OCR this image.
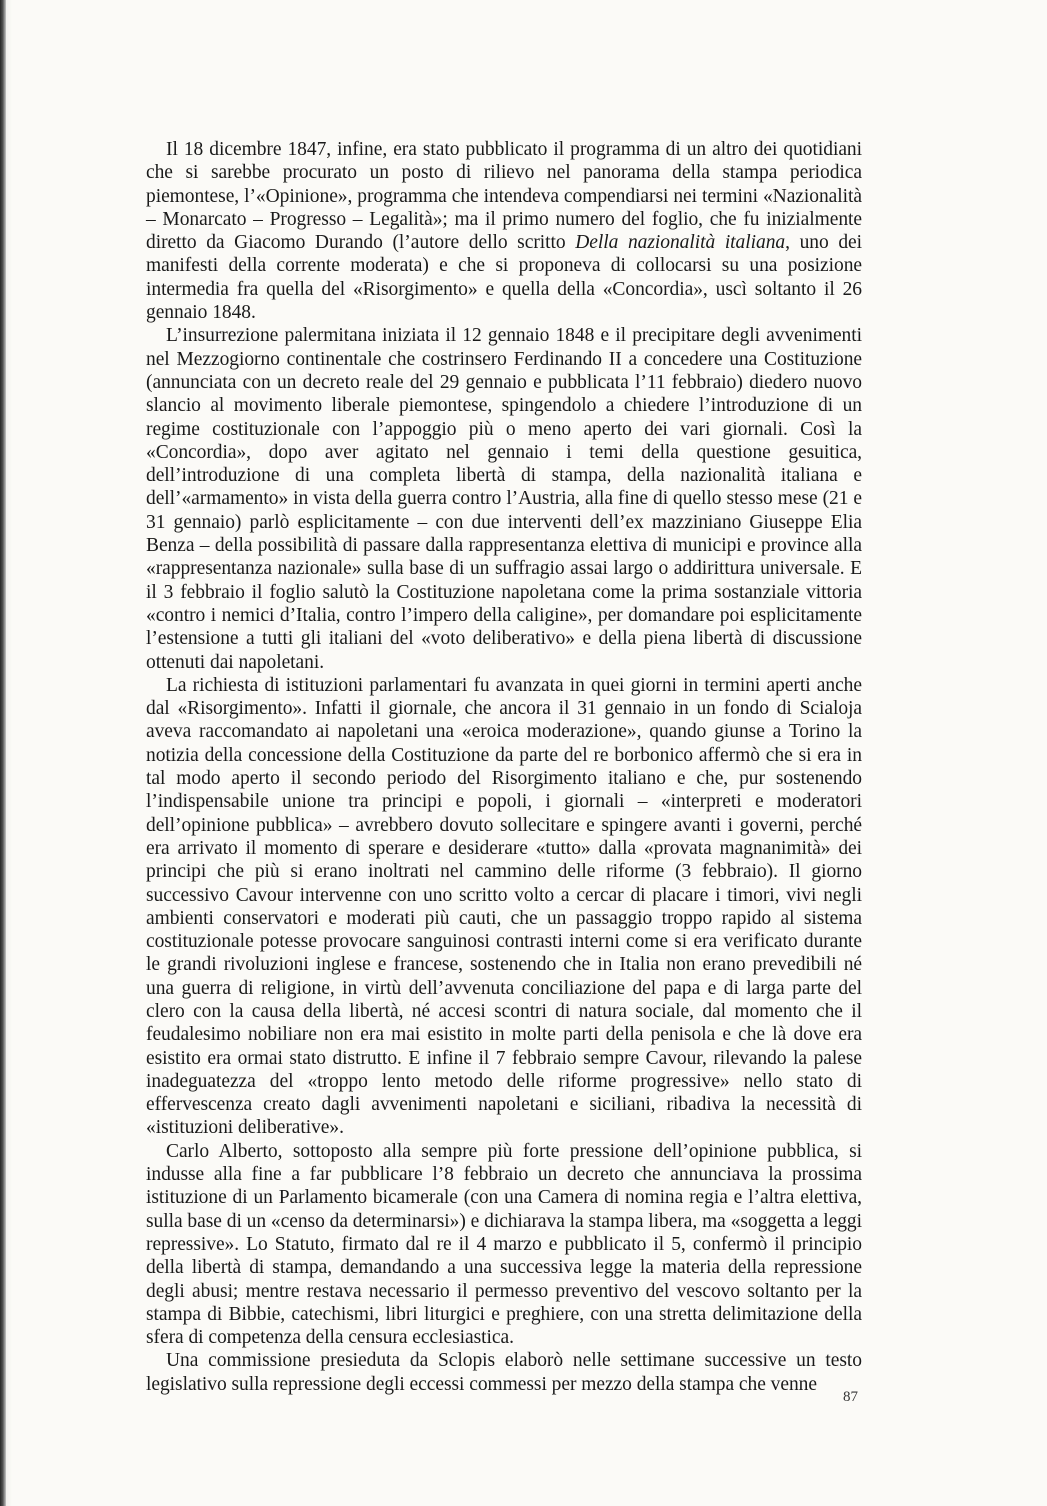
Il 18 dicembre 1847, infine, era stato pubblicato il programma di un altro dei quotidiani che si sarebbe procurato un posto di rilievo nel panorama della stampa periodica piemontese, l’«Opinione», programma che intendeva compendiarsi nei termini «Nazionalità – Monarcato – Progresso – Legalità»; ma il primo numero del foglio, che fu inizialmente diretto da Giacomo Durando (l’autore dello scritto Della nazionalità italiana, uno dei manifesti della corrente moderata) e che si proponeva di collocarsi su una posizione intermedia fra quella del «Risorgimento» e quella della «Concordia», uscì soltanto il 26 gennaio 1848.

L’insurrezione palermitana iniziata il 12 gennaio 1848 e il precipitare degli avvenimenti nel Mezzogiorno continentale che costrinsero Ferdinando II a concedere una Costituzione (annunciata con un decreto reale del 29 gennaio e pubblicata l’11 febbraio) diedero nuovo slancio al movimento liberale piemontese, spingendolo a chiedere l’introduzione di un regime costituzionale con l’appoggio più o meno aperto dei vari giornali. Così la «Concordia», dopo aver agitato nel gennaio i temi della questione gesuitica, dell’introduzione di una completa libertà di stampa, della nazionalità italiana e dell’«armamento» in vista della guerra contro l’Austria, alla fine di quello stesso mese (21 e 31 gennaio) parlò esplicitamente – con due interventi dell’ex mazziniano Giuseppe Elia Benza – della possibilità di passare dalla rappresentanza elettiva di municipi e province alla «rappresentanza nazionale» sulla base di un suffragio assai largo o addirittura universale. E il 3 febbraio il foglio salutò la Costituzione napoletana come la prima sostanziale vittoria «contro i nemici d’Italia, contro l’impero della caligine», per domandare poi esplicitamente l’estensione a tutti gli italiani del «voto deliberativo» e della piena libertà di discussione ottenuti dai napoletani.

La richiesta di istituzioni parlamentari fu avanzata in quei giorni in termini aperti anche dal «Risorgimento». Infatti il giornale, che ancora il 31 gennaio in un fondo di Scialoja aveva raccomandato ai napoletani una «eroica moderazione», quando giunse a Torino la notizia della concessione della Costituzione da parte del re borbonico affermò che si era in tal modo aperto il secondo periodo del Risorgimento italiano e che, pur sostenendo l’indispensabile unione tra principi e popoli, i giornali – «interpreti e moderatori dell’opinione pubblica» – avrebbero dovuto sollecitare e spingere avanti i governi, perché era arrivato il momento di sperare e desiderare «tutto» dalla «provata magnanimità» dei principi che più si erano inoltrati nel cammino delle riforme (3 febbraio). Il giorno successivo Cavour intervenne con uno scritto volto a cercar di placare i timori, vivi negli ambienti conservatori e moderati più cauti, che un passaggio troppo rapido al sistema costituzionale potesse provocare sanguinosi contrasti interni come si era verificato durante le grandi rivoluzioni inglese e francese, sostenendo che in Italia non erano prevedibili né una guerra di religione, in virtù dell’avvenuta conciliazione del papa e di larga parte del clero con la causa della libertà, né accesi scontri di natura sociale, dal momento che il feudalesimo nobiliare non era mai esistito in molte parti della penisola e che là dove era esistito era ormai stato distrutto. E infine il 7 febbraio sempre Cavour, rilevando la palese inadeguatezza del «troppo lento metodo delle riforme progressive» nello stato di effervescenza creato dagli avvenimenti napoletani e siciliani, ribadiva la necessità di «istituzioni deliberative».

Carlo Alberto, sottoposto alla sempre più forte pressione dell’opinione pubblica, si indusse alla fine a far pubblicare l’8 febbraio un decreto che annunciava la prossima istituzione di un Parlamento bicamerale (con una Camera di nomina regia e l’altra elettiva, sulla base di un «censo da determinarsi») e dichiarava la stampa libera, ma «soggetta a leggi repressive». Lo Statuto, firmato dal re il 4 marzo e pubblicato il 5, confermò il principio della libertà di stampa, demandando a una successiva legge la materia della repressione degli abusi; mentre restava necessario il permesso preventivo del vescovo soltanto per la stampa di Bibbie, catechismi, libri liturgici e preghiere, con una stretta delimitazione della sfera di competenza della censura ecclesiastica.

Una commissione presieduta da Sclopis elaborò nelle settimane successive un testo legislativo sulla repressione degli eccessi commessi per mezzo della stampa che venne

87
